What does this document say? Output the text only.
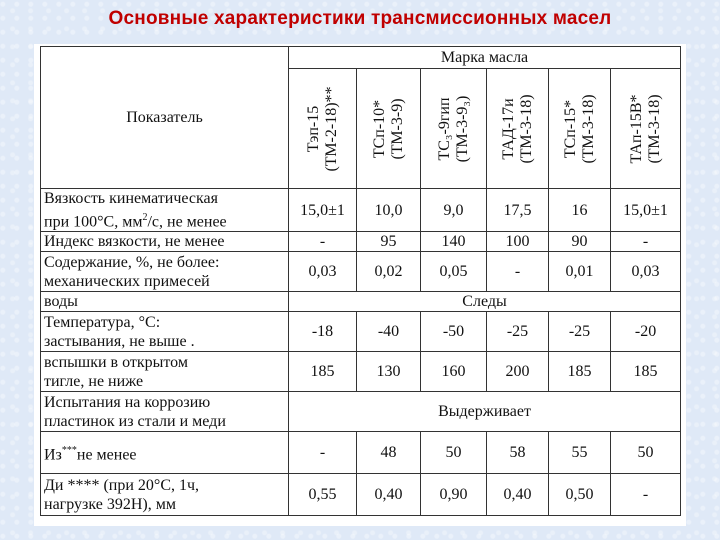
Основные характеристики трансмиссионных масел
Показатель	Марка масла					

	Тэп-15 (ТМ-2-18)**	ТСп-10* (ТМ-3-9)	ТС₃-9гип (ТМ-3-9₃)	ТАД-17и (ТМ-3-18)	ТСп-15* (ТМ-3-18)	ТАп-15В* (ТМ-3-18)

Вязкость кинематическая
при 100°С, $мм^2/с$, не менее	15,0±1	10,0	9,0	17,5	16	15,0±1
Индекс вязкости, не менее	-	95	140	100	90	-

Содержание, %, не более:
механических примесей	0,03	0,02	0,05	-	0,01	0,03
воды	Следы					

Температура, °С:
застывания, не выше .	-18	-40	-50	-25	-25	-20

вспышки в открытом
тигле, не ниже	185	130	160	200	185	185

Испытания на коррозию
пластинок из стали и меди	Выдерживает					
Из***не менее	-	48	50	58	55	50

Ди **** (при 20°С, 1ч,
нагрузке 392Н), мм	0,55	0,40	0,90	0,40	0,50	-
